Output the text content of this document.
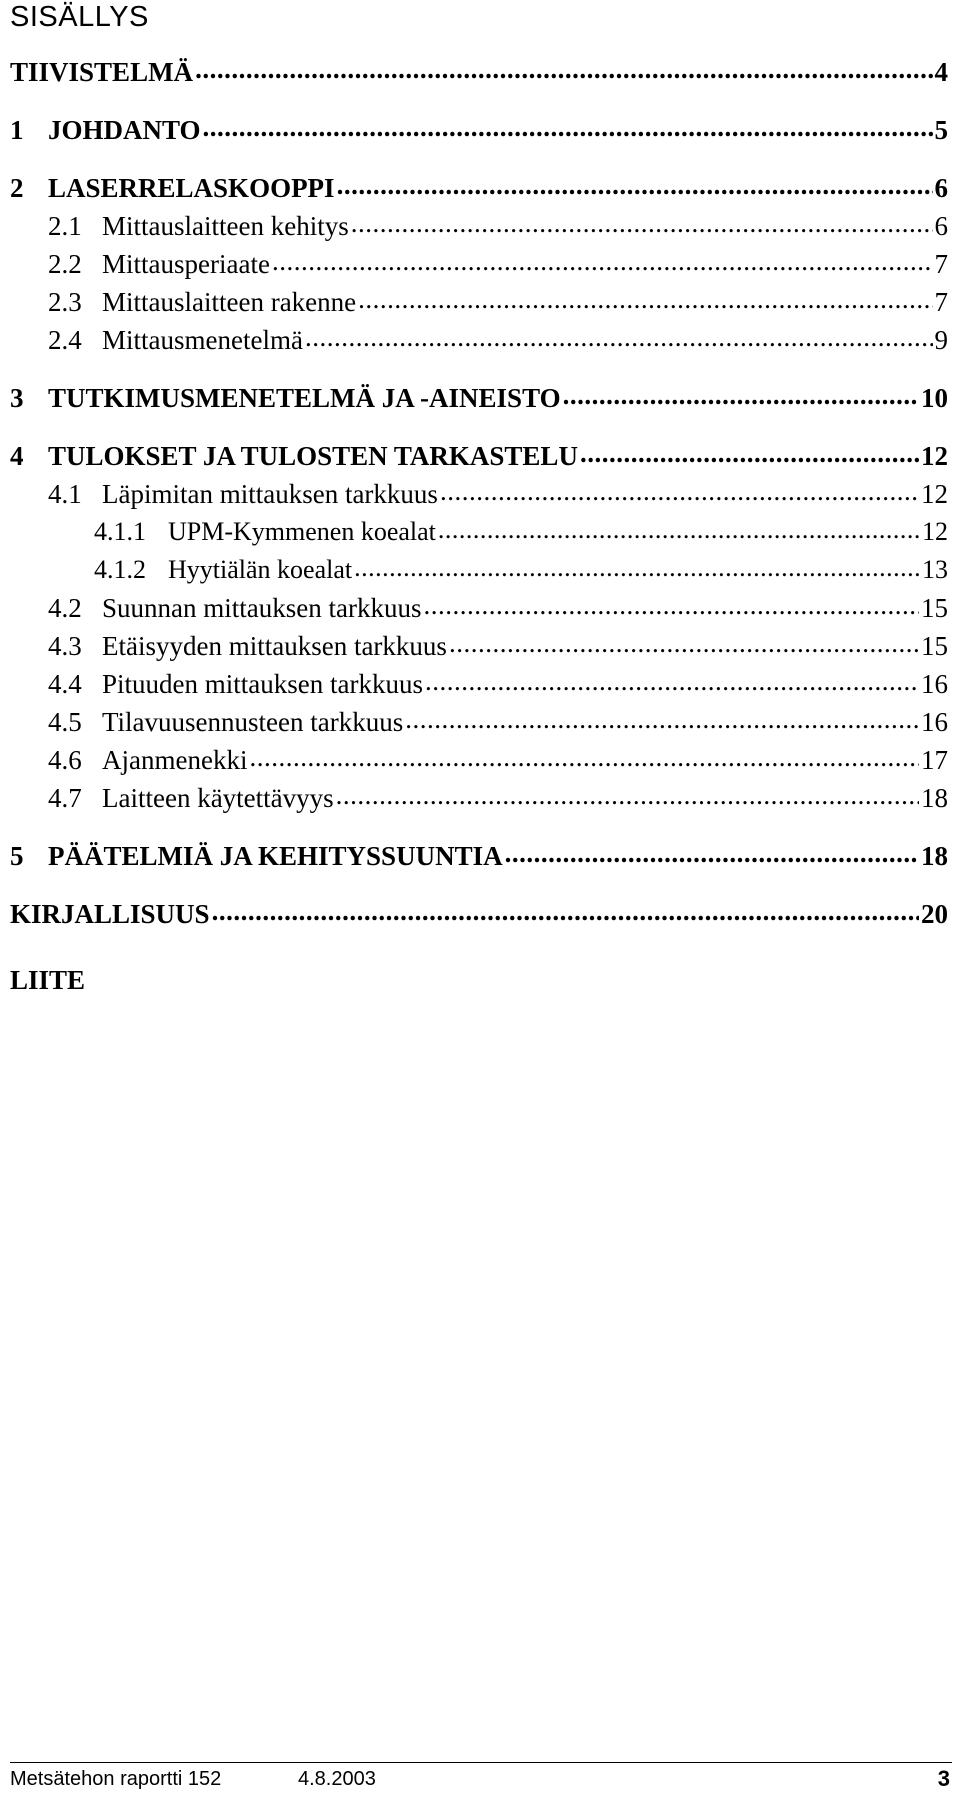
SISÄLLYS
TIIVISTELMÄ .....	4
1 JOHDANTO .....	5
2 LASERRELASKOOPPI .....	6
2.1 Mittauslaitteen kehitys .....	6
2.2 Mittausperiaate .....	7
2.3 Mittauslaitteen rakenne .....	7
2.4 Mittausmenetelmä .....	9
3 TUTKIMUSMENETELMÄ JA -AINEISTO .....	10
4 TULOKSET JA TULOSTEN TARKASTELU .....	12
4.1 Läpimitan mittauksen tarkkuus .....	12
4.1.1 UPM-Kymmenen koealat .....	12
4.1.2 Hyytiälän koealat .....	13
4.2 Suunnan mittauksen tarkkuus .....	15
4.3 Etäisyyden mittauksen tarkkuus .....	15
4.4 Pituuden mittauksen tarkkuus .....	16
4.5 Tilavuusennusteen tarkkuus .....	16
4.6 Ajanmenekki .....	17
4.7 Laitteen käytettävyys .....	18
5 PÄÄTELMIÄ JA KEHITYSSUUNTIA .....	18
KIRJALLISUUS .....	20
LIITE
Metsätehon raportti 152	4.8.2003	3
